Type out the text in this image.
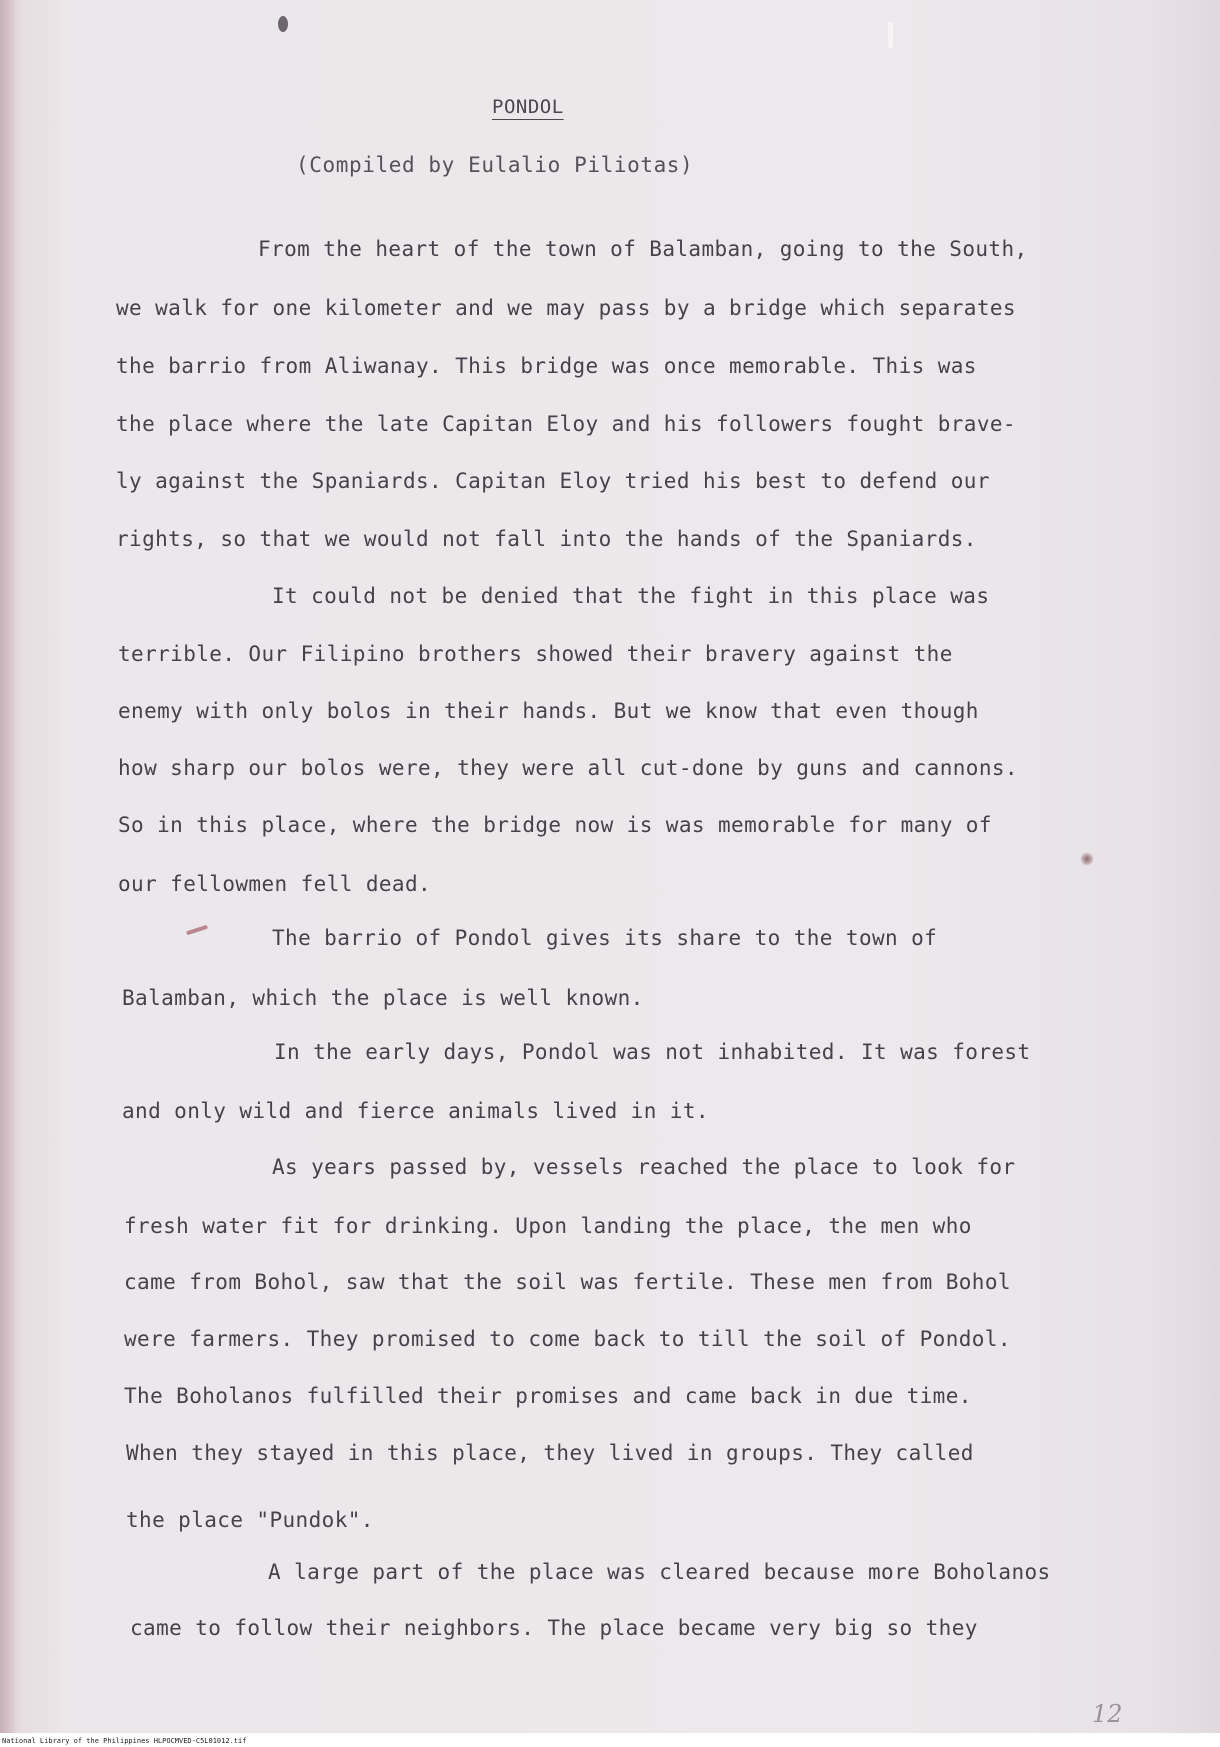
PONDOL
(Compiled by Eulalio Piliotas)
From the heart of the town of Balamban, going to the South,
we walk for one kilometer and we may pass by a bridge which separates
the barrio from Aliwanay. This bridge was once memorable. This was
the place where the late Capitan Eloy and his followers fought brave-
ly against the Spaniards. Capitan Eloy tried his best to defend our
rights, so that we would not fall into the hands of the Spaniards.
It could not be denied that the fight in this place was
terrible. Our Filipino brothers showed their bravery against the
enemy with only bolos in their hands. But we know that even though
how sharp our bolos were, they were all cut-done by guns and cannons.
So in this place, where the bridge now is was memorable for many of
our fellowmen fell dead.
The barrio of Pondol gives its share to the town of
Balamban, which the place is well known.
In the early days, Pondol was not inhabited. It was forest
and only wild and fierce animals lived in it.
As years passed by, vessels reached the place to look for
fresh water fit for drinking. Upon landing the place, the men who
came from Bohol, saw that the soil was fertile. These men from Bohol
were farmers. They promised to come back to till the soil of Pondol.
The Boholanos fulfilled their promises and came back in due time.
When they stayed in this place, they lived in groups. They called
the place "Pundok".
A large part of the place was cleared because more Boholanos
came to follow their neighbors. The place became very big so they
12
National Library of the Philippines HLPOCMVED-C5L01012.tif
